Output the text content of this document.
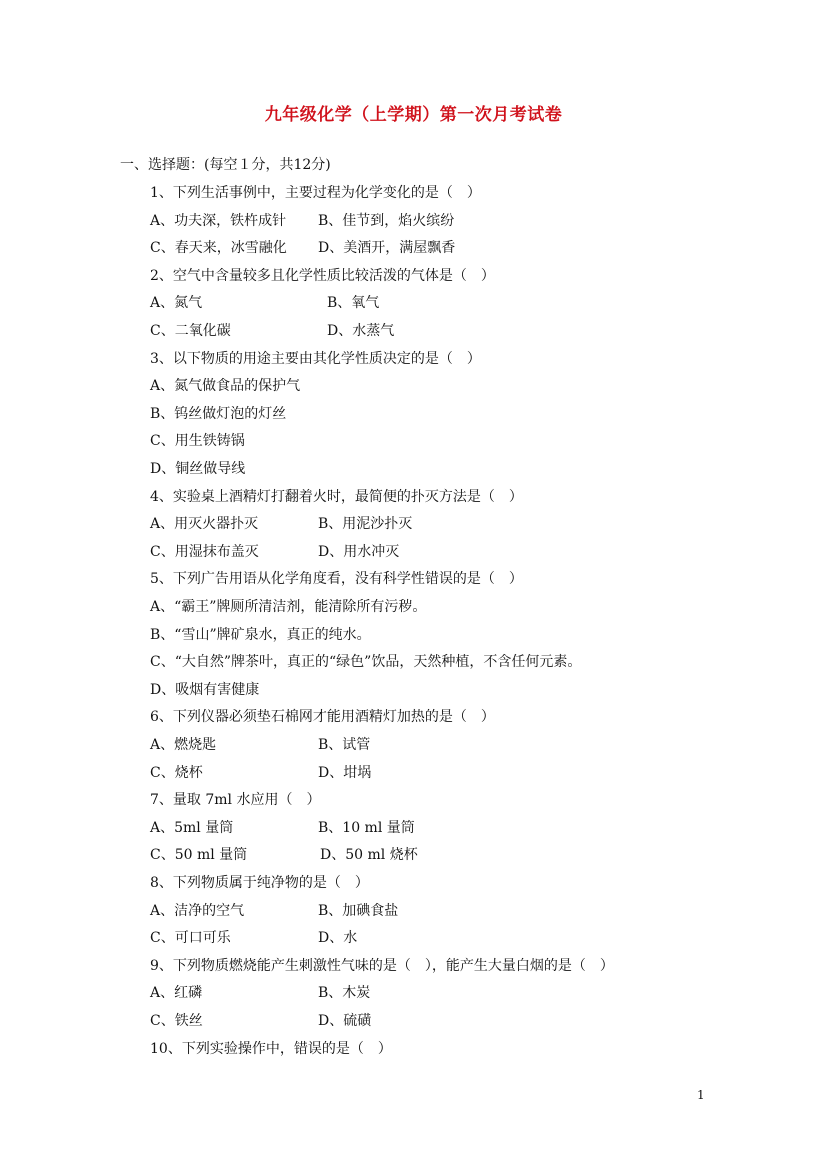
九年级化学（上学期）第一次月考试卷
一、选择题：(每空１分，共12分)
1、下列生活事例中，主要过程为化学变化的是（　）
A、功夫深，铁杵成针 B、佳节到，焰火缤纷
C、春天来，冰雪融化 D、美酒开，满屋飘香
2、空气中含量较多且化学性质比较活泼的气体是（　）
A、氮气	B、氧气
C、二氧化碳	D、水蒸气
3、以下物质的用途主要由其化学性质决定的是（　）
A、氮气做食品的保护气
B、钨丝做灯泡的灯丝
C、用生铁铸锅
D、铜丝做导线
4、实验桌上酒精灯打翻着火时，最简便的扑灭方法是（　）
A、用灭火器扑灭	B、用泥沙扑灭
C、用湿抹布盖灭	D、用水冲灭
5、下列广告用语从化学角度看，没有科学性错误的是（　）
A、“霸王”牌厕所清洁剂，能清除所有污秽。
B、“雪山”牌矿泉水，真正的纯水。
C、“大自然”牌茶叶，真正的“绿色”饮品，天然种植，不含任何元素。
D、吸烟有害健康
6、下列仪器必须垫石棉网才能用酒精灯加热的是（　）
A、燃烧匙	B、试管
C、烧杯	D、坩埚
7、量取 7ml 水应用（　）
A、5ml 量筒	B、10 ml 量筒
C、50 ml 量筒	D、50 ml 烧杯
8、下列物质属于纯净物的是（　）
A、洁净的空气	B、加碘食盐
C、可口可乐	D、水
9、下列物质燃烧能产生刺激性气味的是（　），能产生大量白烟的是（　）
A、红磷	B、木炭
C、铁丝	D、硫磺
10、下列实验操作中，错误的是（　）
1
